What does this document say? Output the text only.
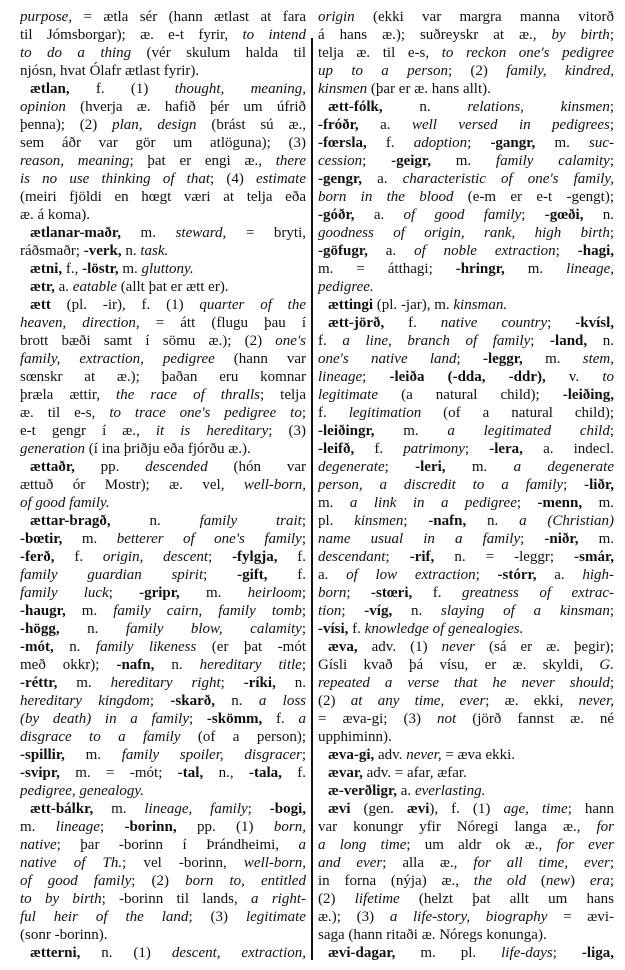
purpose, = ætla sér (hann ætlast at fara
til Jómsborgar); æ. e-t fyrir, to intend
to do a thing (vér skulum halda til
njósn, hvat Ólafr ætlast fyrir).
ætlan, f. (1) thought, meaning,
opinion (hverja æ. hafið þér um úfrið
þenna); (2) plan, design (brást sú æ.,
sem áðr var gör um atlöguna); (3)
reason, meaning; þat er engi æ., there
is no use thinking of that; (4) estimate
(meiri fjöldi en hœgt væri at telja eða
æ. á koma).
ætlanar-maðr, m. steward, = bryti,
ráðsmaðr; -verk, n. task.
ætni, f., -löstr, m. gluttony.
ætr, a. eatable (allt þat er ætt er).
ætt (pl. -ir), f. (1) quarter of the
heaven, direction, = átt (flugu þau í
brott bæði samt í sömu æ.); (2) one's
family, extraction, pedigree (hann var
sœnskr at æ.); þaðan eru komnar
þræla ættir, the race of thralls; telja
æ. til e-s, to trace one's pedigree to;
e-t gengr í æ., it is hereditary; (3)
generation (í ina þriðju eða fjórðu æ.).
ættaðr, pp. descended (hón var
ættuð ór Mostr); æ. vel, well-born,
of good family.
ættar-bragð, n. family trait;
-bœtir, m. betterer of one's family;
-ferð, f. origin, descent; -fylgja, f.
family guardian spirit; -gift, f.
family luck; -gripr, m. heirloom;
-haugr, m. family cairn, family tomb;
-högg, n. family blow, calamity;
-mót, n. family likeness (er þat -mót
með okkr); -nafn, n. hereditary title;
-réttr, m. hereditary right; -ríki, n.
hereditary kingdom; -skarð, n. a loss
(by death) in a family; -skömm, f. a
disgrace to a family (of a person);
-spillir, m. family spoiler, disgracer;
-svipr, m. = -mót; -tal, n., -tala, f.
pedigree, genealogy.
ætt-bálkr, m. lineage, family; -bogi,
m. lineage; -borinn, pp. (1) born,
native; þar -borinn í Þrándheimi, a
native of Th.; vel -borinn, well-born,
of good family; (2) born to, entitled
to by birth; -borinn til lands, a right-
ful heir of the land; (3) legitimate
(sonr -borinn).
ætterni, n. (1) descent, extraction,
origin (ekki var margra manna vitorð
á hans æ.); suðreyskr at æ., by birth;
telja æ. til e-s, to reckon one's pedigree
up to a person; (2) family, kindred,
kinsmen (þar er æ. hans allt).
ætt-fólk, n. relations, kinsmen;
-fróðr, a. well versed in pedigrees;
-fœrsla, f. adoption; -gangr, m. suc-
cession; -geigr, m. family calamity;
-gengr, a. characteristic of one's family,
born in the blood (e-m er e-t -gengt);
-góðr, a. of good family; -gœði, n.
goodness of origin, rank, high birth;
-göfugr, a. of noble extraction; -hagi,
m. = átthagi; -hringr, m. lineage,
pedigree.
ættingi (pl. -jar), m. kinsman.
ætt-jörð, f. native country; -kvísl,
f. a line, branch of family; -land, n.
one's native land; -leggr, m. stem,
lineage; -leiða (-dda, -ddr), v. to
legitimate (a natural child); -leiðing,
f. legitimation (of a natural child);
-leiðingr, m. a legitimated child;
-leifð, f. patrimony; -lera, a. indecl.
degenerate; -leri, m. a degenerate
person, a discredit to a family; -liðr,
m. a link in a pedigree; -menn, m.
pl. kinsmen; -nafn, n. a (Christian)
name usual in a family; -niðr, m.
descendant; -rif, n. = -leggr; -smár,
a. of low extraction; -stórr, a. high-
born; -stœri, f. greatness of extrac-
tion; -víg, n. slaying of a kinsman;
-vísi, f. knowledge of genealogies.
æva, adv. (1) never (sá er æ. þegir);
Gísli kvað þá vísu, er æ. skyldi, G.
repeated a verse that he never should;
(2) at any time, ever; æ. ekki, never,
= æva-gi; (3) not (jörð fannst æ. né
upphiminn).
æva-gi, adv. never, = æva ekki.
ævar, adv. = afar, æfar.
æ-verðligr, a. everlasting.
ævi (gen. ævi), f. (1) age, time; hann
var konungr yfir Nóregi langa æ., for
a long time; um aldr ok æ., for ever
and ever; alla æ., for all time, ever;
in forna (nýja) æ., the old (new) era;
(2) lifetime (helzt þat allt um hans
æ.); (3) a life-story, biography = ævi-
saga (hann ritaði æ. Nóregs konunga).
ævi-dagar, m. pl. life-days; -liga,
